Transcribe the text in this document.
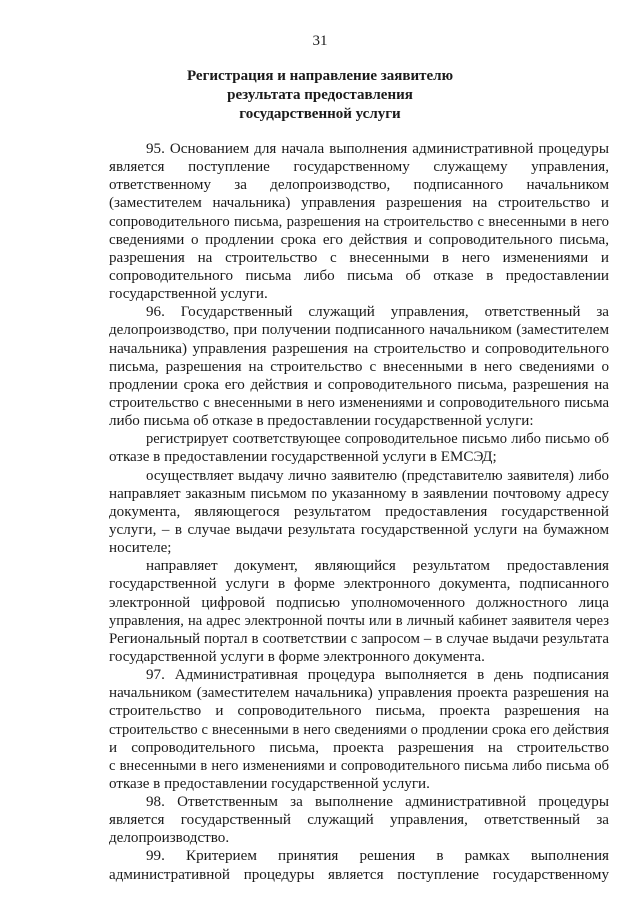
31
Регистрация и направление заявителю
результата предоставления
государственной услуги
95. Основанием для начала выполнения административной процедуры
является поступление государственному служащему управления,
ответственному за делопроизводство, подписанного начальником
(заместителем начальника) управления разрешения на строительство и
сопроводительного письма, разрешения на строительство с внесенными в него
сведениями о продлении срока его действия и сопроводительного письма,
разрешения на строительство с внесенными в него изменениями и
сопроводительного письма либо письма об отказе в предоставлении
государственной услуги.
96. Государственный служащий управления, ответственный за
делопроизводство, при получении подписанного начальником (заместителем
начальника) управления разрешения на строительство и сопроводительного
письма, разрешения на строительство с внесенными в него сведениями о
продлении срока его действия и сопроводительного письма, разрешения на
строительство с внесенными в него изменениями и сопроводительного письма
либо письма об отказе в предоставлении государственной услуги:
регистрирует соответствующее сопроводительное письмо либо письмо об
отказе в предоставлении государственной услуги в ЕМСЭД;
осуществляет выдачу лично заявителю (представителю заявителя) либо
направляет заказным письмом по указанному в заявлении почтовому адресу
документа, являющегося результатом предоставления государственной
услуги, – в случае выдачи результата государственной услуги на бумажном
носителе;
направляет документ, являющийся результатом предоставления
государственной услуги в форме электронного документа, подписанного
электронной цифровой подписью уполномоченного должностного лица
управления, на адрес электронной почты или в личный кабинет заявителя через
Региональный портал в соответствии с запросом – в случае выдачи результата
государственной услуги в форме электронного документа.
97. Административная процедура выполняется в день подписания
начальником (заместителем начальника) управления проекта разрешения на
строительство и сопроводительного письма, проекта разрешения на
строительство с внесенными в него сведениями о продлении срока его действия
и сопроводительного письма, проекта разрешения на строительство
с внесенными в него изменениями и сопроводительного письма либо письма об
отказе в предоставлении государственной услуги.
98. Ответственным за выполнение административной процедуры
является государственный служащий управления, ответственный за
делопроизводство.
99. Критерием принятия решения в рамках выполнения
административной процедуры является поступление государственному
